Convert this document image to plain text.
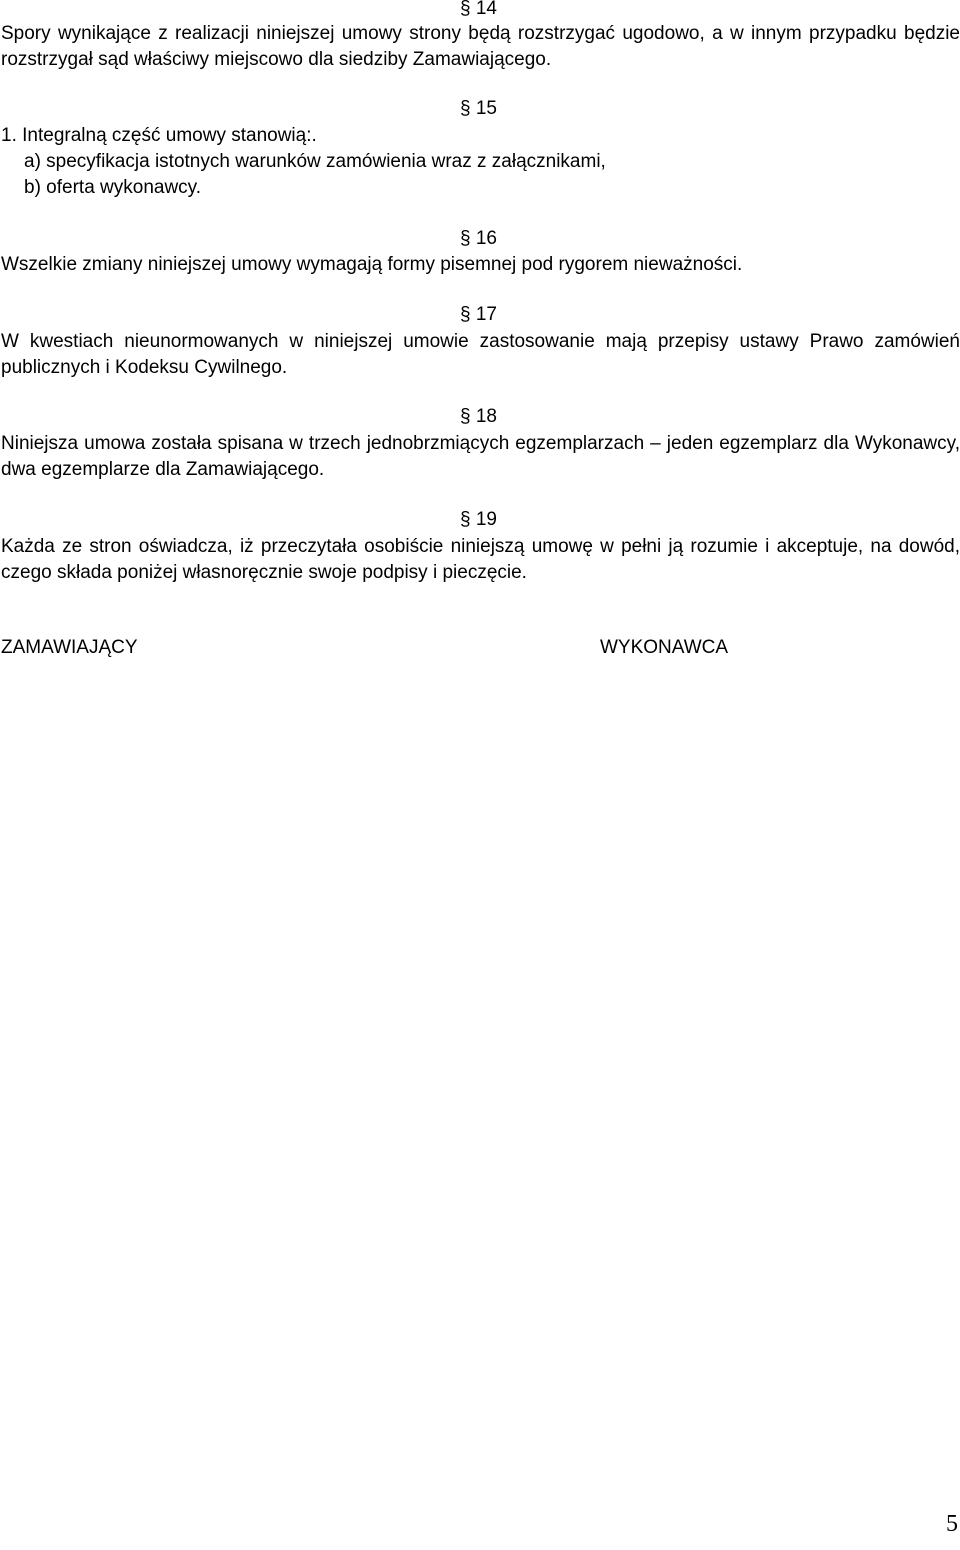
§ 14
Spory wynikające z realizacji niniejszej umowy strony będą rozstrzygać ugodowo, a w innym przypadku będzie rozstrzygał sąd właściwy miejscowo dla siedziby Zamawiającego.
§ 15
1. Integralną część umowy stanowią:.
a) specyfikacja istotnych warunków zamówienia wraz z załącznikami,
b) oferta wykonawcy.
§ 16
Wszelkie zmiany niniejszej umowy wymagają formy pisemnej pod rygorem nieważności.
§ 17
W kwestiach nieunormowanych w niniejszej umowie zastosowanie mają przepisy ustawy Prawo zamówień publicznych i Kodeksu Cywilnego.
§ 18
Niniejsza umowa została spisana w trzech jednobrzmiących egzemplarzach – jeden egzemplarz dla Wykonawcy, dwa egzemplarze dla Zamawiającego.
§ 19
Każda ze stron oświadcza, iż przeczytała osobiście niniejszą umowę w pełni ją rozumie i akceptuje, na dowód, czego składa poniżej własnoręcznie swoje podpisy i pieczęcie.
ZAMAWIAJĄCY	WYKONAWCA
5
